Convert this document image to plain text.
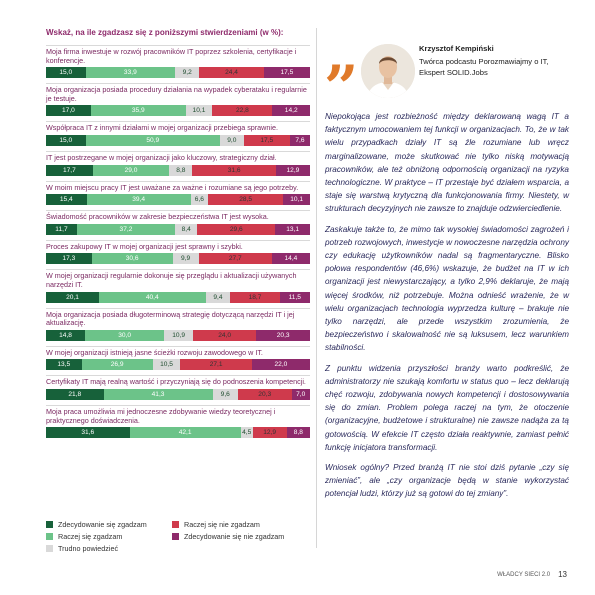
Wskaż, na ile zgadzasz się z poniższymi stwierdzeniami (w %):
Moja firma inwestuje w rozwój pracowników IT poprzez szkolenia, certyfikacje i konferencje.
15,0	33,9	9,2	24,4	17,5
Moja organizacja posiada procedury działania na wypadek cyberataku i regularnie je testuje.
17,0	35,9	10,1	22,8	14,2
Współpraca IT z innymi działami w mojej organizacji przebiega sprawnie.
15,0	50,9	9,0	17,5	7,6
IT jest postrzegane w mojej organizacji jako kluczowy, strategiczny dział.
17,7	29,0	8,8	31,6	12,9
W moim miejscu pracy IT jest uważane za ważne i rozumiane są jego potrzeby.
15,4	39,4	6,6	28,5	10,1
Świadomość pracowników w zakresie bezpieczeństwa IT jest wysoka.
11,7	37,2	8,4	29,6	13,1
Proces zakupowy IT w mojej organizacji jest sprawny i szybki.
17,3	30,6	9,9	27,7	14,4
W mojej organizacji regularnie dokonuje się przeglądu i aktualizacji używanych narzędzi IT.
20,1	40,4	9,4	18,7	11,5
Moja organizacja posiada długoterminową strategię dotyczącą narzędzi IT i jej aktualizację.
14,8	30,0	10,9	24,0	20,3
W mojej organizacji istnieją jasne ścieżki rozwoju zawodowego w IT.
13,5	26,9	10,5	27,1	22,0
Certyfikaty IT mają realną wartość i przyczyniają się do podnoszenia kompetencji.
21,8	41,3	9,6	20,3	7,0
Moja praca umożliwia mi jednoczesne zdobywanie wiedzy teoretycznej i praktycznego doświadczenia.
31,6	42,1	4,5	12,9	8,8
Zdecydowanie się zgadzam
Raczej się zgadzam
Trudno powiedzieć
Raczej się nie zgadzam
Zdecydowanie się nie zgadzam
„	Krzysztof Kempiński
Twórca podcastu Porozmawiajmy o IT,
Ekspert SOLID.Jobs

Niepokojąca jest rozbieżność między deklarowaną wagą IT a faktycznym umocowaniem tej funkcji w organizacjach. To, że w tak wielu przypadkach działy IT są źle rozumiane lub wręcz marginalizowane, może skutkować nie tylko niską motywacją pracowników, ale też obniżoną odpornością organizacji na ryzyka technologiczne. W praktyce – IT przestaje być działem wsparcia, a staje się warstwą krytyczną dla funkcjonowania firmy. Niestety, w strukturach decyzyjnych nie zawsze to znajduje odzwierciedlenie.

Zaskakuje także to, że mimo tak wysokiej świadomości zagrożeń i potrzeb rozwojowych, inwestycje w nowoczesne narzędzia ochrony czy edukację użytkowników nadal są fragmentaryczne. Blisko połowa respondentów (46,6%) wskazuje, że budżet na IT w ich organizacji jest niewystarczający, a tylko 2,9% deklaruje, że mają więcej środków, niż potrzebuje. Można odnieść wrażenie, że w wielu organizacjach technologia wyprzedza kulturę – brakuje nie tylko narzędzi, ale przede wszystkim zrozumienia, że bezpieczeństwo i skalowalność nie są luksusem, lecz warunkiem stabilności.

Z punktu widzenia przyszłości branży warto podkreślić, że administratorzy nie szukają komfortu w status quo – lecz deklarują chęć rozwoju, zdobywania nowych kompetencji i dostosowywania się do zmian. Problem polega raczej na tym, że otoczenie (organizacyjne, budżetowe i strukturalne) nie zawsze nadąża za tą gotowością. W efekcie IT często działa reaktywnie, zamiast pełnić funkcję inicjatora transformacji.

Wniosek ogólny? Przed branżą IT nie stoi dziś pytanie „czy się zmieniać”, ale „czy organizacje będą w stanie wykorzystać potencjał ludzi, którzy już są gotowi do tej zmiany”.

WŁADCY SIECI 2.0 13
